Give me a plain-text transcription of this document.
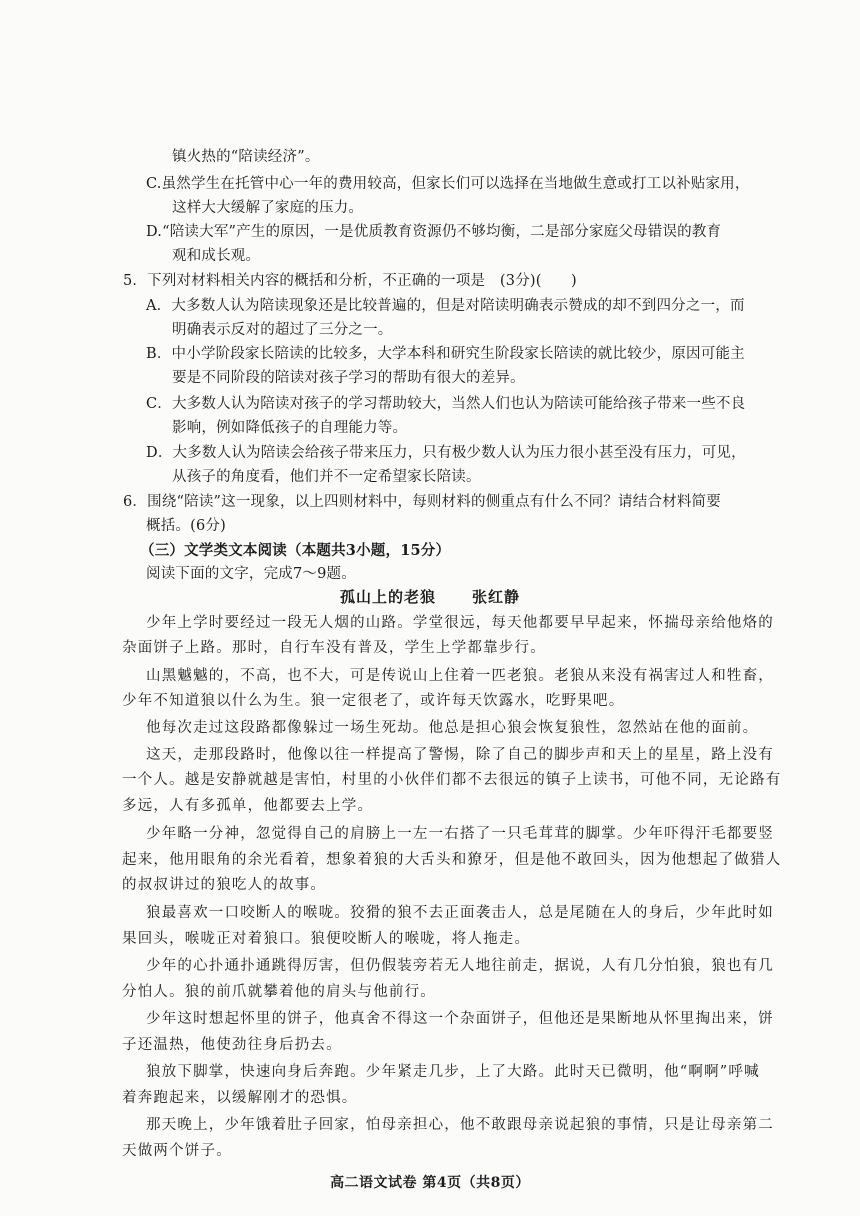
镇火热的“陪读经济”。
C.虽然学生在托管中心一年的费用较高，但家长们可以选择在当地做生意或打工以补贴家用，
这样大大缓解了家庭的压力。
D.“陪读大军”产生的原因，一是优质教育资源仍不够均衡，二是部分家庭父母错误的教育
观和成长观。
5．下列对材料相关内容的概括和分析，不正确的一项是　(3分)(　　)
A．大多数人认为陪读现象还是比较普遍的，但是对陪读明确表示赞成的却不到四分之一，而
明确表示反对的超过了三分之一。
B．中小学阶段家长陪读的比较多，大学本科和研究生阶段家长陪读的就比较少，原因可能主
要是不同阶段的陪读对孩子学习的帮助有很大的差异。
C．大多数人认为陪读对孩子的学习帮助较大，当然人们也认为陪读可能给孩子带来一些不良
影响，例如降低孩子的自理能力等。
D．大多数人认为陪读会给孩子带来压力，只有极少数人认为压力很小甚至没有压力，可见，
从孩子的角度看，他们并不一定希望家长陪读。
6．围绕“陪读”这一现象，以上四则材料中，每则材料的侧重点有什么不同？请结合材料简要
概括。(6分)
（三）文学类文本阅读（本题共3小题，15分）
阅读下面的文字，完成7～9题。
孤山上的老狼 张红静
少年上学时要经过一段无人烟的山路。学堂很远，每天他都要早早起来，怀揣母亲给他烙的
杂面饼子上路。那时，自行车没有普及，学生上学都靠步行。
山黑魆魆的，不高，也不大，可是传说山上住着一匹老狼。老狼从来没有祸害过人和牲畜，
少年不知道狼以什么为生。狼一定很老了，或许每天饮露水，吃野果吧。
他每次走过这段路都像躲过一场生死劫。他总是担心狼会恢复狼性，忽然站在他的面前。
这天，走那段路时，他像以往一样提高了警惕，除了自己的脚步声和天上的星星，路上没有
一个人。越是安静就越是害怕，村里的小伙伴们都不去很远的镇子上读书，可他不同，无论路有
多远，人有多孤单，他都要去上学。
少年略一分神，忽觉得自己的肩膀上一左一右搭了一只毛茸茸的脚掌。少年吓得汗毛都要竖
起来，他用眼角的余光看着，想象着狼的大舌头和獠牙，但是他不敢回头，因为他想起了做猎人
的叔叔讲过的狼吃人的故事。
狼最喜欢一口咬断人的喉咙。狡猾的狼不去正面袭击人，总是尾随在人的身后，少年此时如
果回头，喉咙正对着狼口。狼便咬断人的喉咙，将人拖走。
少年的心扑通扑通跳得厉害，但仍假装旁若无人地往前走，据说，人有几分怕狼，狼也有几
分怕人。狼的前爪就攀着他的肩头与他前行。
少年这时想起怀里的饼子，他真舍不得这一个杂面饼子，但他还是果断地从怀里掏出来，饼
子还温热，他使劲往身后扔去。
狼放下脚掌，快速向身后奔跑。少年紧走几步，上了大路。此时天已微明，他“啊啊”呼喊
着奔跑起来，以缓解刚才的恐惧。
那天晚上，少年饿着肚子回家，怕母亲担心，他不敢跟母亲说起狼的事情，只是让母亲第二
天做两个饼子。
高二语文试卷 第4页（共8页）
